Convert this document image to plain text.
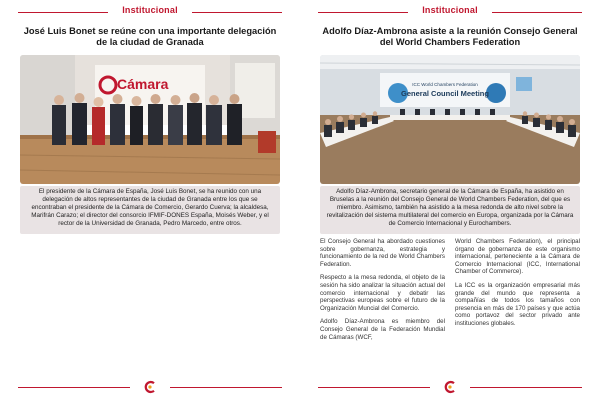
Institucional
José Luis Bonet se reúne con una importante delegación de la ciudad de Granada
Cámara
El presidente de la Cámara de España, José Luis Bonet, se ha reunido con una delegación de altos representantes de la ciudad de Granada entre los que se encontraban el presidente de la Cámara de Comercio, Gerardo Cuerva; la alcaldesa, Marifrán Carazo; el director del consorcio IFMIF-DONES España, Moisés Weber, y el rector de la Universidad de Granada, Pedro Marcedo, entre otros.
Institucional
Adolfo Díaz-Ambrona asiste a la reunión Consejo General del World Chambers Federation
ICC World Chambers Federation
General Council Meeting
Adolfo Díaz-Ambrona, secretario general de la Cámara de España, ha asistido en Bruselas a la reunión del Consejo General de World Chambers Federation, del que es miembro. Asimismo, también ha asistido a la mesa redonda de alto nivel sobre la revitalización del sistema multilateral del comercio en Europa, organizada por la Cámara de Comercio Internacional y Eurochambers.

El Consejo General ha abordado cuestiones sobre gobernanza, estrategia y funcionamiento de la red de World Chambers Federation.

Respecto a la mesa redonda, el objeto de la sesión ha sido analizar la situación actual del comercio internacional y debatir las perspectivas europeas sobre el futuro de la Organización Muncial del Comercio.

Adolfo Díaz-Ambrona es miembro del Consejo General de la Federación Mundial de Cámaras (WCF,

World Chambers Federation), el principal órgano de gobernanza de este organismo internacional, perteneciente a la Cámara de Comercio Internacional (ICC, International Chamber of Commerce).

La ICC es la organización empresarial más grande del mundo que representa a compañías de todos los tamaños con presencia en más de 170 países y que actúa como portavoz del sector privado ante instituciones globales.
